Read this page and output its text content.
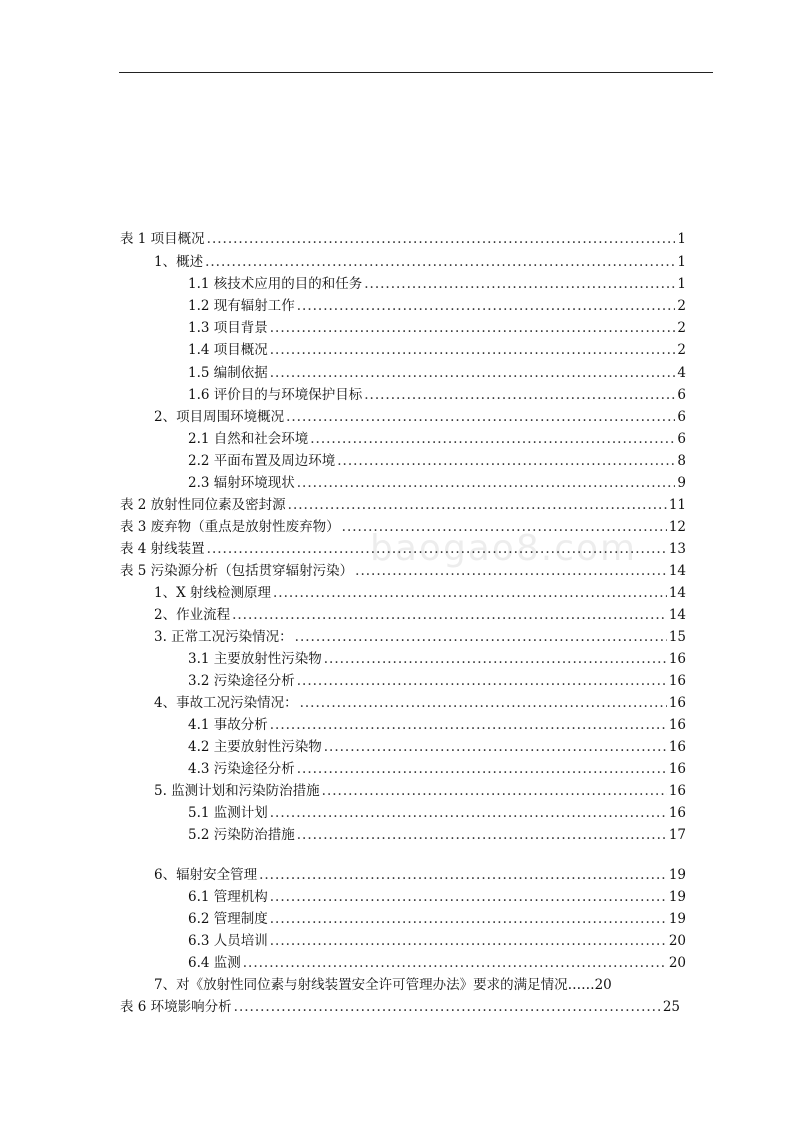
baogao8.com
表 1 项目概况 .....	1
1、概述 .....	1
1.1 核技术应用的目的和任务 .....	1
1.2 现有辐射工作 .....	2
1.3 项目背景 .....	2
1.4 项目概况 .....	2
1.5 编制依据 .....	4
1.6 评价目的与环境保护目标 .....	6
2、项目周围环境概况 .....	6
2.1 自然和社会环境 .....	6
2.2 平面布置及周边环境 .....	8
2.3 辐射环境现状 .....	9
表 2 放射性同位素及密封源 .....	11
表 3 废弃物（重点是放射性废弃物） .....	12
表 4 射线装置 .....	13
表 5 污染源分析（包括贯穿辐射污染） .....	14
1、X 射线检测原理 .....	14
2、作业流程 .....	14
3. 正常工况污染情况： .....	15
3.1 主要放射性污染物 .....	16
3.2 污染途径分析 .....	16
4、事故工况污染情况： .....	16
4.1 事故分析 .....	16
4.2 主要放射性污染物 .....	16
4.3 污染途径分析 .....	16
5. 监测计划和污染防治措施 .....	16
5.1 监测计划 .....	16
5.2 污染防治措施 .....	17
6、辐射安全管理 .....	19
6.1 管理机构 .....	19
6.2 管理制度 .....	19
6.3 人员培训 .....	20
6.4 监测 .....	20
7、对《放射性同位素与射线装置安全许可管理办法》要求的满足情况…… 20
表 6 环境影响分析 .....	25
